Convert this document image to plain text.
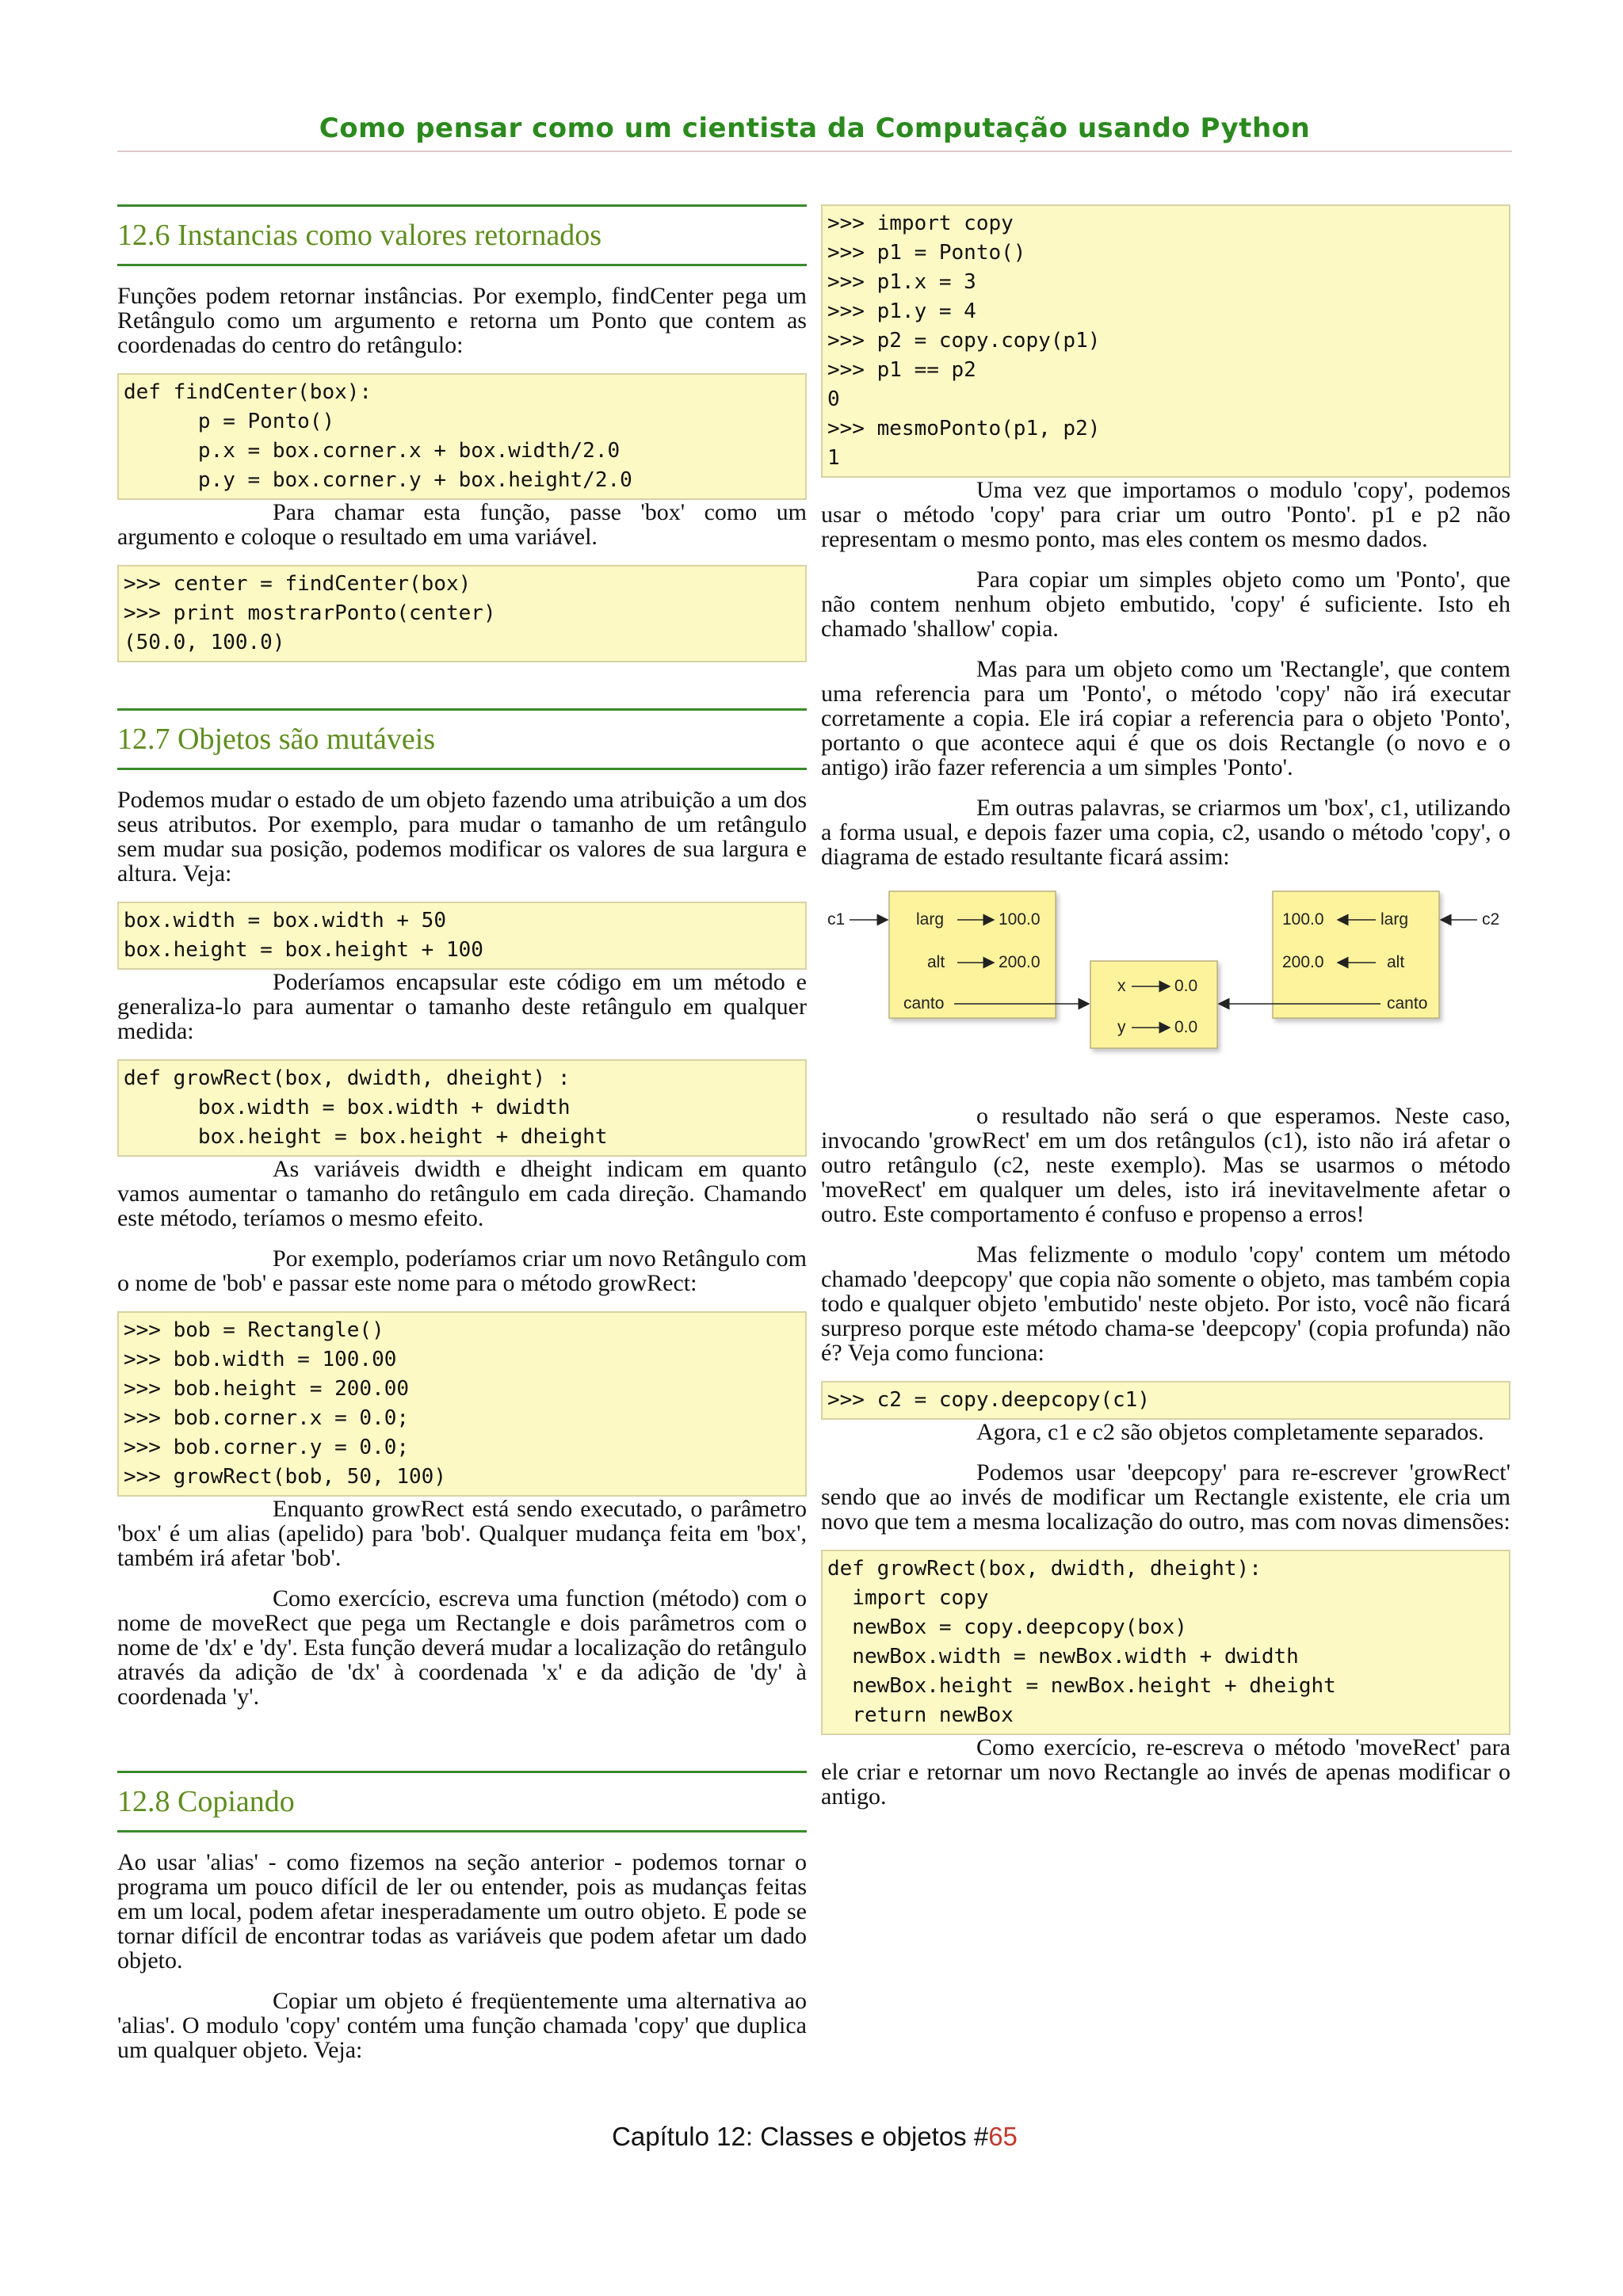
Como pensar como um cientista da Computação usando Python
12.6 Instancias como valores retornados

Funções podem retornar instâncias. Por exemplo, findCenter pega um Retângulo como um argumento e retorna um Ponto que contem as coordenadas do centro do retângulo:

def findCenter(box):
p = Ponto()
p.x = box.corner.x + box.width/2.0
p.y = box.corner.y + box.height/2.0

Para chamar esta função, passe 'box' como um argumento e coloque o resultado em uma variável.

>>> center = findCenter(box)
>>> print mostrarPonto(center)
(50.0, 100.0)
12.7 Objetos são mutáveis

Podemos mudar o estado de um objeto fazendo uma atribuição a um dos seus atributos. Por exemplo, para mudar o tamanho de um retângulo sem mudar sua posição, podemos modificar os valores de sua largura e altura. Veja:

box.width = box.width + 50
box.height = box.height + 100

Poderíamos encapsular este código em um método e generaliza-lo para aumentar o tamanho deste retângulo em qualquer medida:

def growRect(box, dwidth, dheight) :
box.width = box.width + dwidth
box.height = box.height + dheight

As variáveis dwidth e dheight indicam em quanto vamos aumentar o tamanho do retângulo em cada direção. Chamando este método, teríamos o mesmo efeito.

Por exemplo, poderíamos criar um novo Retângulo com o nome de 'bob' e passar este nome para o método growRect:

>>> bob = Rectangle()
>>> bob.width = 100.00
>>> bob.height = 200.00
>>> bob.corner.x = 0.0;
>>> bob.corner.y = 0.0;
>>> growRect(bob, 50, 100)

Enquanto growRect está sendo executado, o parâmetro 'box' é um alias (apelido) para 'bob'. Qualquer mudança feita em 'box', também irá afetar 'bob'.

Como exercício, escreva uma function (método) com o nome de moveRect que pega um Rectangle e dois parâmetros com o nome de 'dx' e 'dy'. Esta função deverá mudar a localização do retângulo através da adição de 'dx' à coordenada 'x' e da adição de 'dy' à coordenada 'y'.

12.8 Copiando

Ao usar 'alias' - como fizemos na seção anterior - podemos tornar o programa um pouco difícil de ler ou entender, pois as mudanças feitas em um local, podem afetar inesperadamente um outro objeto. E pode se tornar difícil de encontrar todas as variáveis que podem afetar um dado objeto.

Copiar um objeto é freqüentemente uma alternativa ao 'alias'. O modulo 'copy' contém uma função chamada 'copy' que duplica um qualquer objeto. Veja:

>>> import copy
>>> p1 = Ponto()
>>> p1.x = 3
>>> p1.y = 4
>>> p2 = copy.copy(p1)
>>> p1 == p2
0
>>> mesmoPonto(p1, p2)
1

Uma vez que importamos o modulo 'copy', podemos usar o método 'copy' para criar um outro 'Ponto'. p1 e p2 não representam o mesmo ponto, mas eles contem os mesmo dados.

Para copiar um simples objeto como um 'Ponto', que não contem nenhum objeto embutido, 'copy' é suficiente. Isto eh chamado 'shallow' copia.

Mas para um objeto como um 'Rectangle', que contem uma referencia para um 'Ponto', o método 'copy' não irá executar corretamente a copia. Ele irá copiar a referencia para o objeto 'Ponto', portanto o que acontece aqui é que os dois Rectangle (o novo e o antigo) irão fazer referencia a um simples 'Ponto'.

Em outras palavras, se criarmos um 'box', c1, utilizando a forma usual, e depois fazer uma copia, c2, usando o método 'copy', o diagrama de estado resultante ficará assim:

c1	larg	100.0
alt	200.0
canto
x	0.0
y	0.0
100.0	larg
200.0	alt
canto
c2

o resultado não será o que esperamos. Neste caso, invocando 'growRect' em um dos retângulos (c1), isto não irá afetar o outro retângulo (c2, neste exemplo). Mas se usarmos o método 'moveRect' em qualquer um deles, isto irá inevitavelmente afetar o outro. Este comportamento é confuso e propenso a erros!

Mas felizmente o modulo 'copy' contem um método chamado 'deepcopy' que copia não somente o objeto, mas também copia todo e qualquer objeto 'embutido' neste objeto. Por isto, você não ficará surpreso porque este método chama-se 'deepcopy' (copia profunda) não é? Veja como funciona:

>>> c2 = copy.deepcopy(c1)

Agora, c1 e c2 são objetos completamente separados.

Podemos usar 'deepcopy' para re-escrever 'growRect' sendo que ao invés de modificar um Rectangle existente, ele cria um novo que tem a mesma localização do outro, mas com novas dimensões:

def growRect(box, dwidth, dheight):
import copy
newBox = copy.deepcopy(box)
newBox.width = newBox.width + dwidth
newBox.height = newBox.height + dheight
return newBox

Como exercício, re-escreva o método 'moveRect' para ele criar e retornar um novo Rectangle ao invés de apenas modificar o antigo.

Capítulo 12: Classes e objetos #65
